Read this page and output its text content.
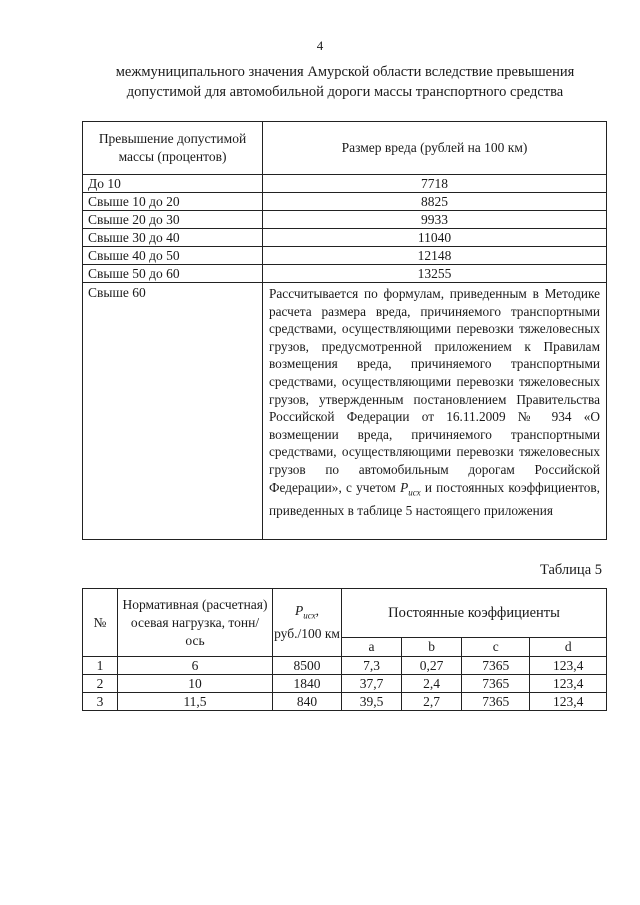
4
межмуниципального значения Амурской области вследствие превышения
допустимой для автомобильной дороги массы транспортного средства
Превышение допустимой массы (процентов)	Размер вреда (рублей на 100 км)
До 10	7718
Свыше 10 до 20	8825
Свыше 20 до 30	9933
Свыше 30 до 40	11040
Свыше 40 до 50	12148
Свыше 50 до 60	13255
Свыше 60	Рассчитывается по формулам, приведенным в Методике расчета размера вреда, причиняемого транспортными средствами, осуществляющими перевозки тяжеловесных грузов, предусмотренной приложением к Правилам возмещения вреда, причиняемого транспортными средствами, осуществляющими перевозки тяжеловесных грузов, утвержденным постановлением Правительства Российской Федерации от 16.11.2009 № 934 «О возмещении вреда, причиняемого транспортными средствами, осуществляющими перевозки тяжеловесных грузов по автомобильным дорогам Российской Федерации», с учетом $P_{исх}$ и постоянных коэффициентов, приведенных в таблице 5 настоящего приложения
Таблица 5
№	Нормативная (расчетная) осевая нагрузка, тонн/ось	$P_{исх}$, руб./100 км	Постоянные коэффициенты			
			a	b	c	d
1	6	8500	7,3	0,27	7365	123,4
2	10	1840	37,7	2,4	7365	123,4
3	11,5	840	39,5	2,7	7365	123,4
